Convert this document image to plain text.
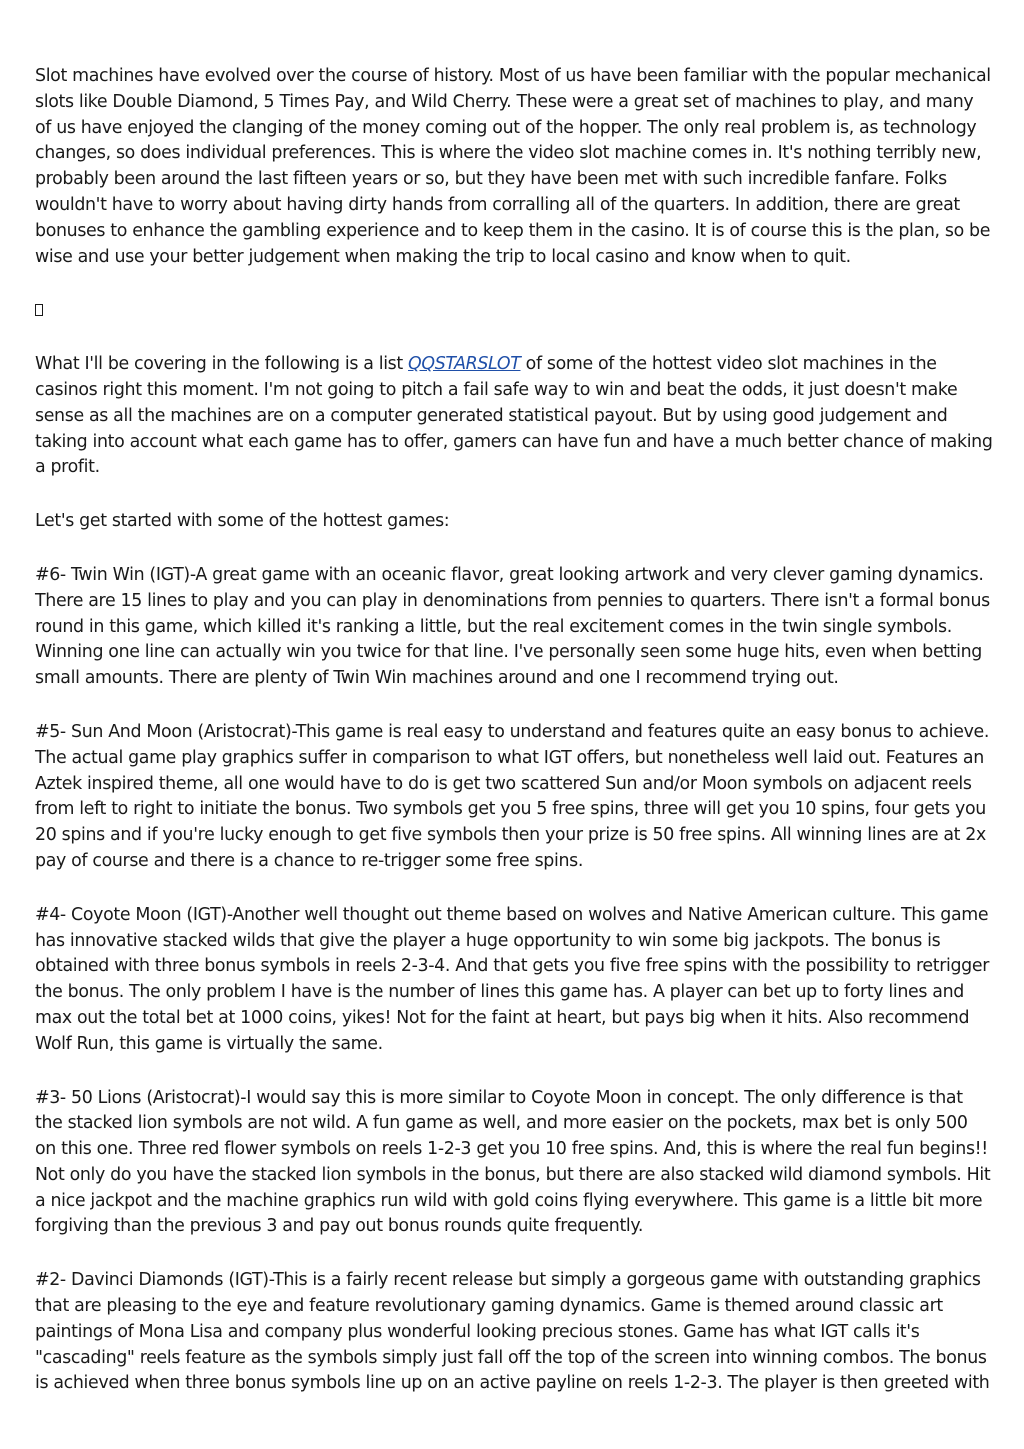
Slot machines have evolved over the course of history. Most of us have been familiar with the popular mechanical slots like Double Diamond, 5 Times Pay, and Wild Cherry. These were a great set of machines to play, and many of us have enjoyed the clanging of the money coming out of the hopper. The only real problem is, as technology changes, so does individual preferences. This is where the video slot machine comes in. It's nothing terribly new, probably been around the last fifteen years or so, but they have been met with such incredible fanfare. Folks wouldn't have to worry about having dirty hands from corralling all of the quarters. In addition, there are great bonuses to enhance the gambling experience and to keep them in the casino. It is of course this is the plan, so be wise and use your better judgement when making the trip to local casino and know when to quit.

What I'll be covering in the following is a list QQSTARSLOT of some of the hottest video slot machines in the casinos right this moment. I'm not going to pitch a fail safe way to win and beat the odds, it just doesn't make sense as all the machines are on a computer generated statistical payout. But by using good judgement and taking into account what each game has to offer, gamers can have fun and have a much better chance of making a profit.

Let's get started with some of the hottest games:

#6- Twin Win (IGT)-A great game with an oceanic flavor, great looking artwork and very clever gaming dynamics. There are 15 lines to play and you can play in denominations from pennies to quarters. There isn't a formal bonus round in this game, which killed it's ranking a little, but the real excitement comes in the twin single symbols. Winning one line can actually win you twice for that line. I've personally seen some huge hits, even when betting small amounts. There are plenty of Twin Win machines around and one I recommend trying out.

#5- Sun And Moon (Aristocrat)-This game is real easy to understand and features quite an easy bonus to achieve. The actual game play graphics suffer in comparison to what IGT offers, but nonetheless well laid out. Features an Aztek inspired theme, all one would have to do is get two scattered Sun and/or Moon symbols on adjacent reels from left to right to initiate the bonus. Two symbols get you 5 free spins, three will get you 10 spins, four gets you 20 spins and if you're lucky enough to get five symbols then your prize is 50 free spins. All winning lines are at 2x pay of course and there is a chance to re-trigger some free spins.

#4- Coyote Moon (IGT)-Another well thought out theme based on wolves and Native American culture. This game has innovative stacked wilds that give the player a huge opportunity to win some big jackpots. The bonus is obtained with three bonus symbols in reels 2-3-4. And that gets you five free spins with the possibility to retrigger the bonus. The only problem I have is the number of lines this game has. A player can bet up to forty lines and max out the total bet at 1000 coins, yikes! Not for the faint at heart, but pays big when it hits. Also recommend Wolf Run, this game is virtually the same.

#3- 50 Lions (Aristocrat)-I would say this is more similar to Coyote Moon in concept. The only difference is that the stacked lion symbols are not wild. A fun game as well, and more easier on the pockets, max bet is only 500 on this one. Three red flower symbols on reels 1-2-3 get you 10 free spins. And, this is where the real fun begins!! Not only do you have the stacked lion symbols in the bonus, but there are also stacked wild diamond symbols. Hit a nice jackpot and the machine graphics run wild with gold coins flying everywhere. This game is a little bit more forgiving than the previous 3 and pay out bonus rounds quite frequently.

#2- Davinci Diamonds (IGT)-This is a fairly recent release but simply a gorgeous game with outstanding graphics that are pleasing to the eye and feature revolutionary gaming dynamics. Game is themed around classic art paintings of Mona Lisa and company plus wonderful looking precious stones. Game has what IGT calls it's "cascading" reels feature as the symbols simply just fall off the top of the screen into winning combos. The bonus is achieved when three bonus symbols line up on an active payline on reels 1-2-3. The player is then greeted with
